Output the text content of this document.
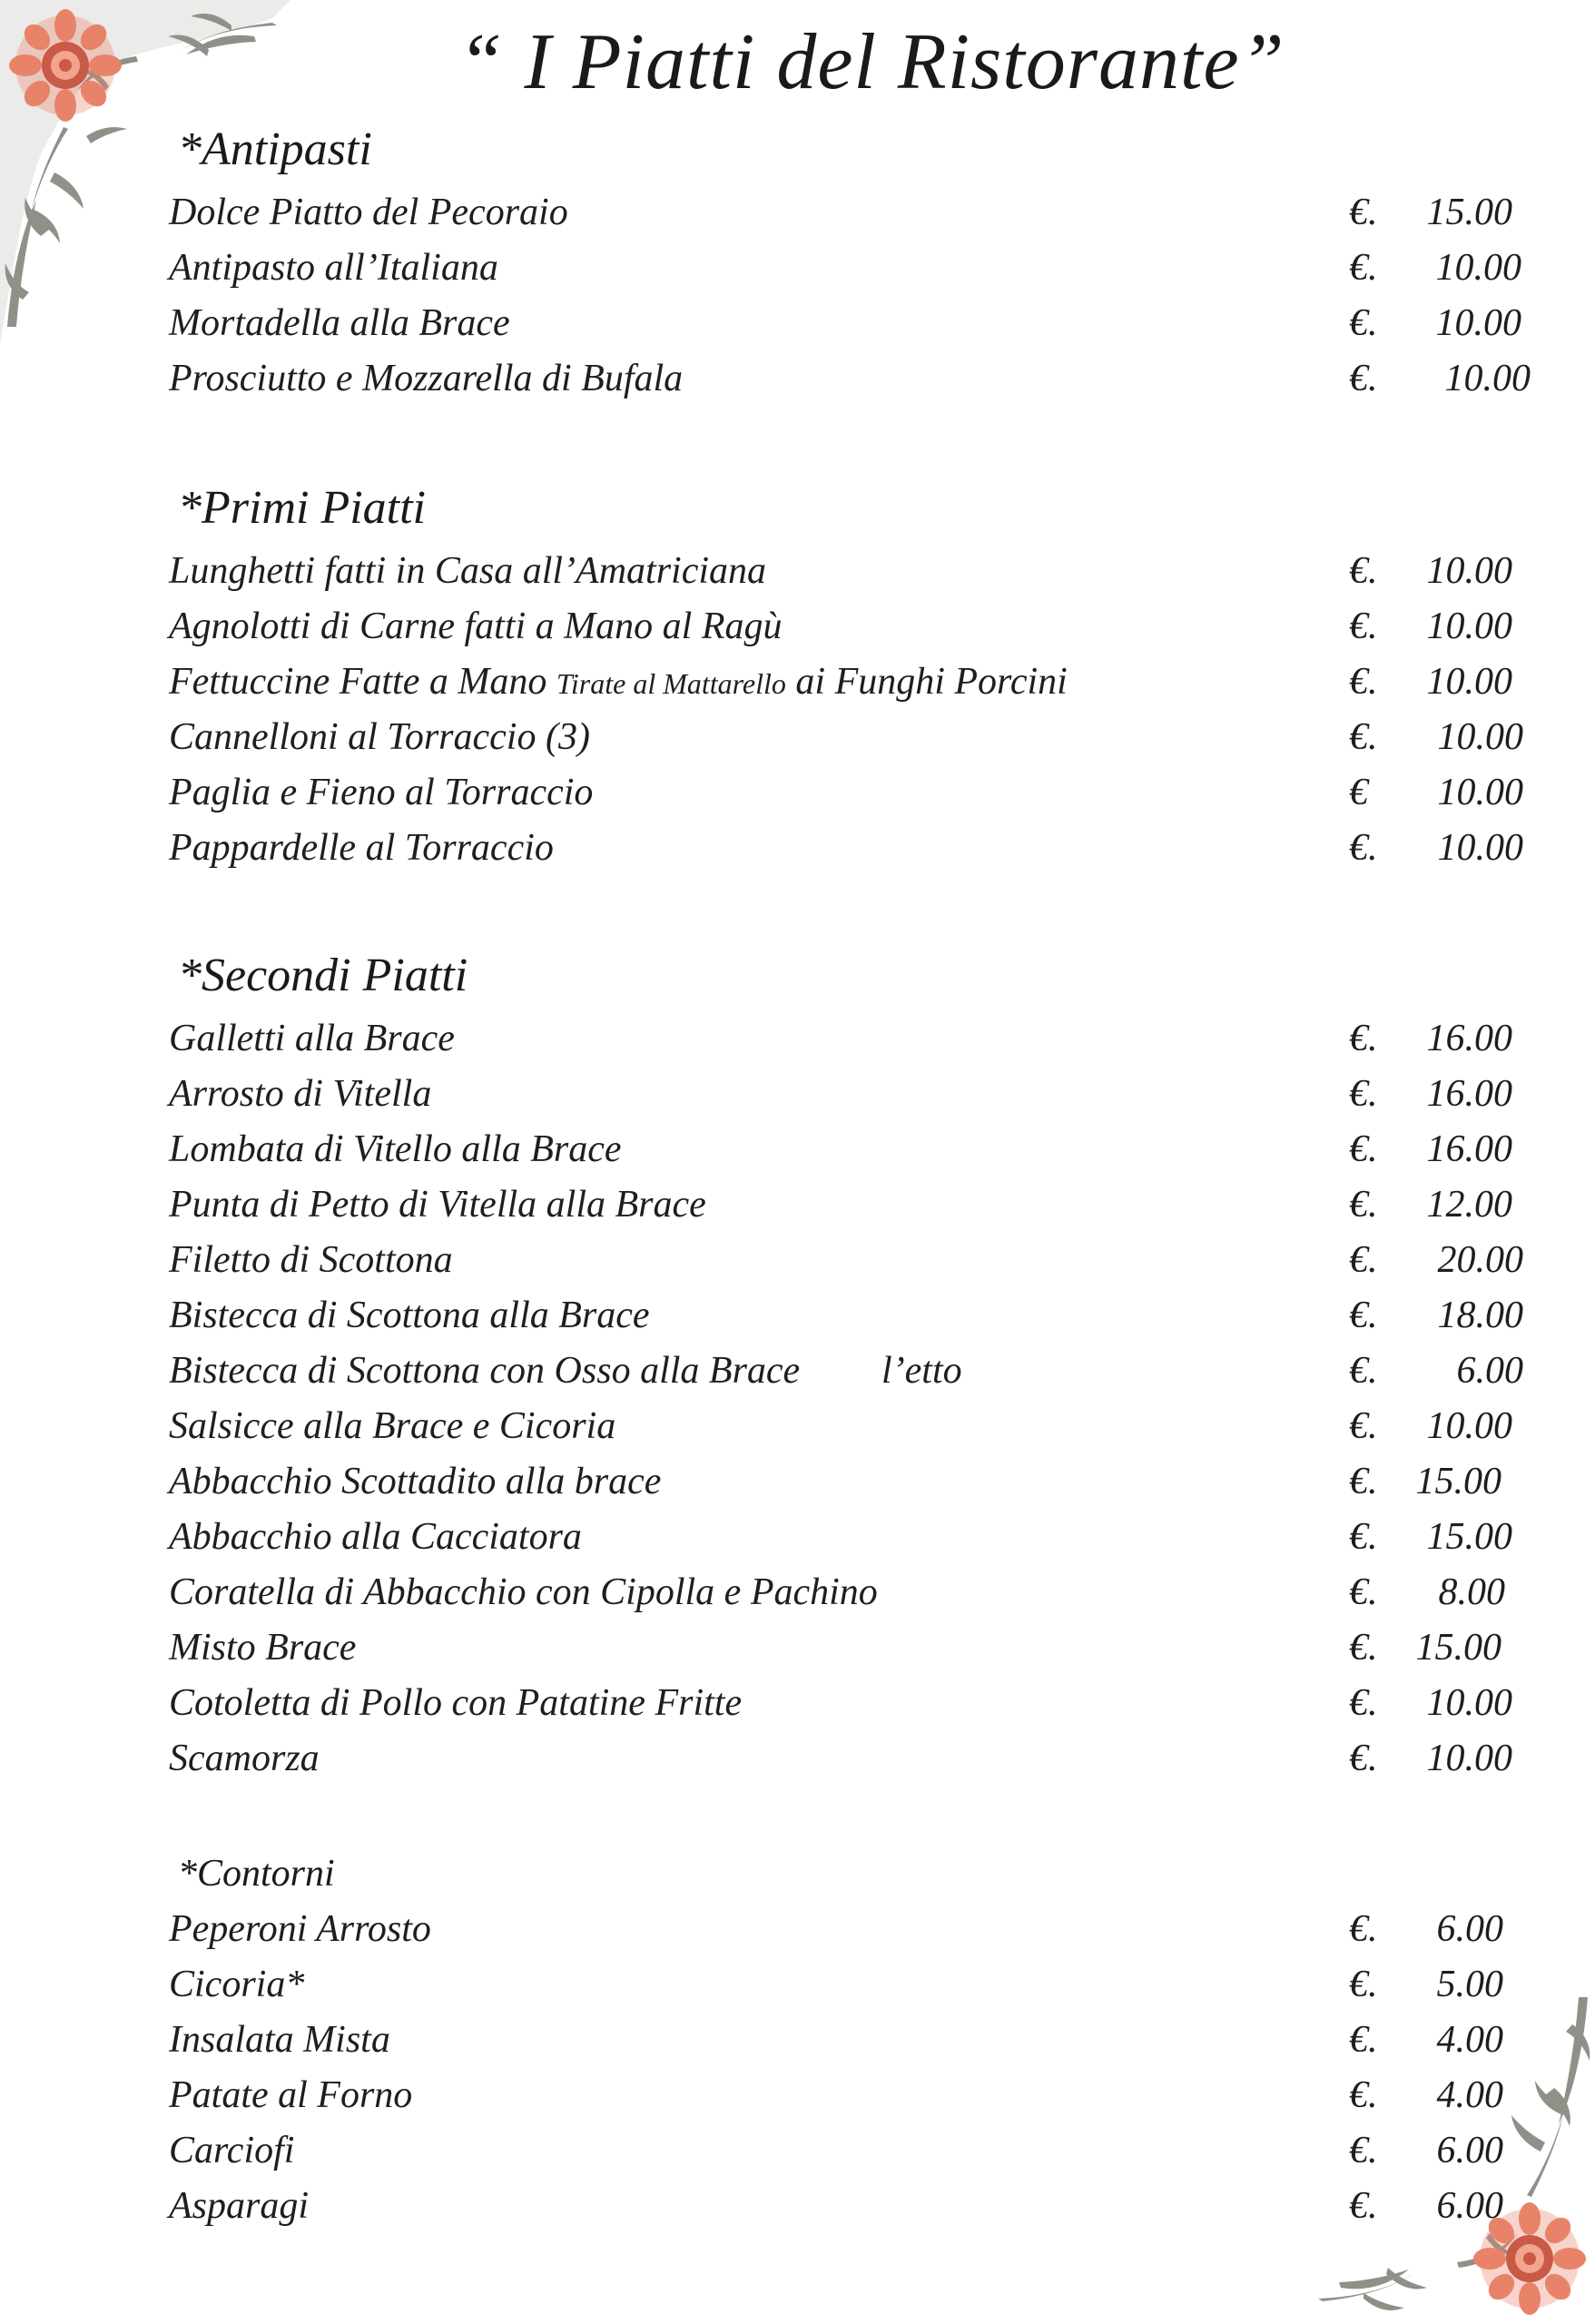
“ I Piatti del Ristorante”
*Antipasti
Dolce Piatto del Pecoraio	€.	15.00
Antipasto all’Italiana	€.	10.00
Mortadella alla Brace	€.	10.00
Prosciutto e Mozzarella di Bufala	€.	10.00
*Primi Piatti
Lunghetti fatti in Casa all’Amatriciana	€.	10.00
Agnolotti di Carne fatti a Mano al Ragù	€.	10.00
Fettuccine Fatte a Mano Tirate al Mattarello ai Funghi Porcini	€.	10.00
Cannelloni al Torraccio (3)	€.	10.00
Paglia e Fieno al Torraccio	€	10.00
Pappardelle al Torraccio	€.	10.00
*Secondi Piatti
Galletti alla Brace	€.	16.00
Arrosto di Vitella	€.	16.00
Lombata di Vitello alla Brace	€.	16.00
Punta di Petto di Vitella alla Brace	€.	12.00
Filetto di Scottona	€.	20.00
Bistecca di Scottona alla Brace	€.	18.00
Bistecca di Scottona con Osso alla Brace l’etto	€.	6.00
Salsicce alla Brace e Cicoria	€.	10.00
Abbacchio Scottadito alla brace	€.	15.00
Abbacchio alla Cacciatora	€.	15.00
Coratella di Abbacchio con Cipolla e Pachino	€.	8.00
Misto Brace	€.	15.00
Cotoletta di Pollo con Patatine Fritte	€.	10.00
Scamorza	€.	10.00
*Contorni
Peperoni Arrosto	€.	6.00
Cicoria*	€.	5.00
Insalata Mista	€.	4.00
Patate al Forno	€.	4.00
Carciofi	€.	6.00
Asparagi	€.	6.00
